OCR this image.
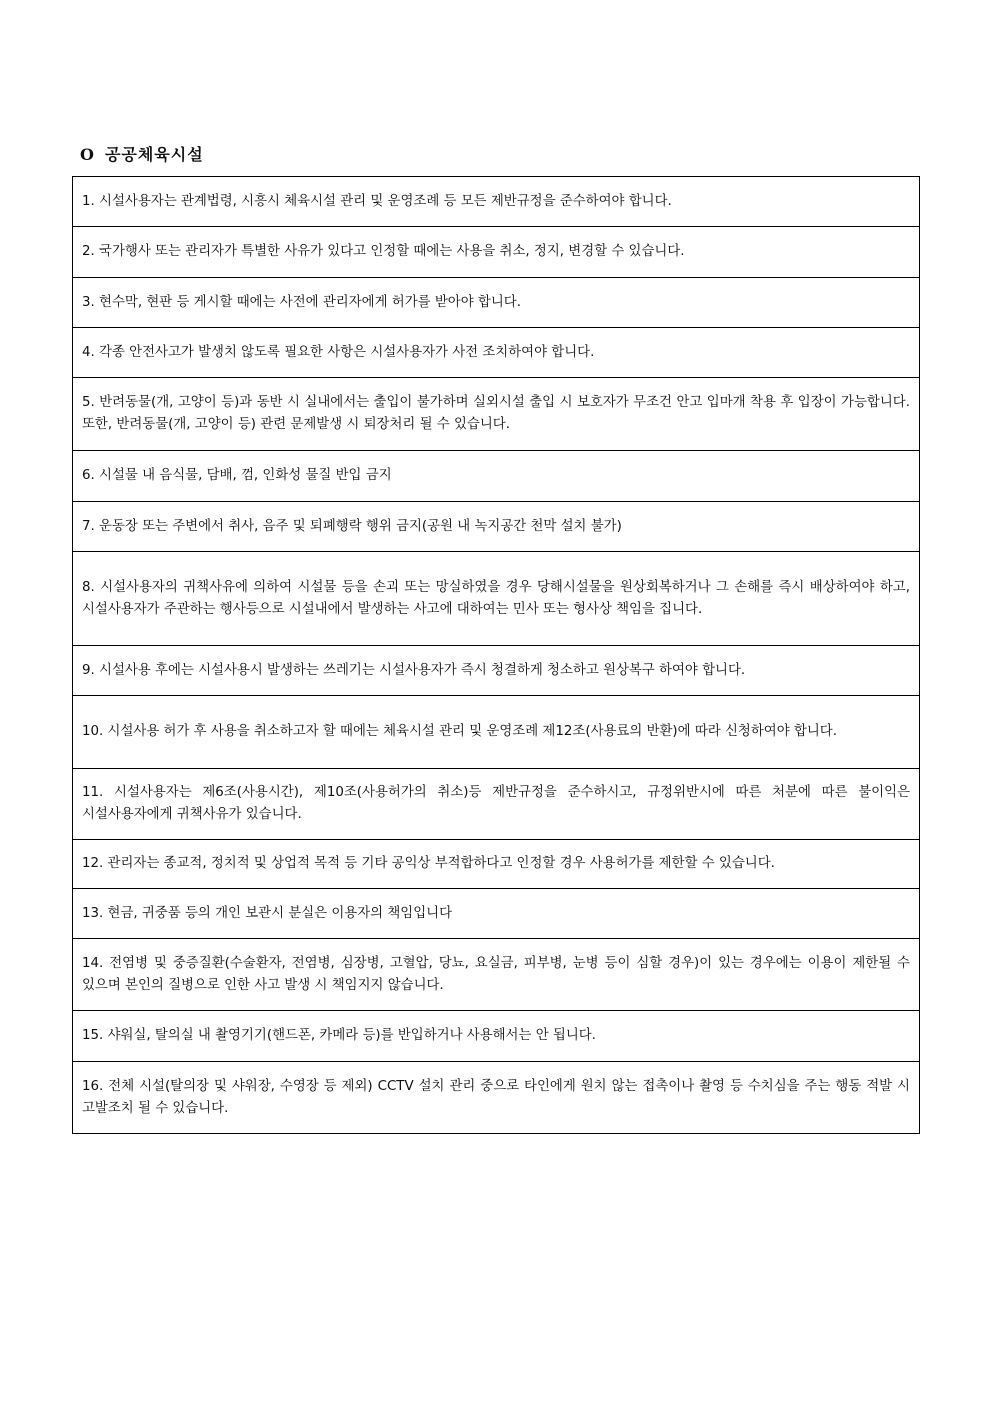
O 공공체육시설
1. 시설사용자는 관계법령, 시흥시 체육시설 관리 및 운영조례 등 모든 제반규정을 준수하여야 합니다.
2. 국가행사 또는 관리자가 특별한 사유가 있다고 인정할 때에는 사용을 취소, 정지, 변경할 수 있습니다.
3. 현수막, 현판 등 게시할 때에는 사전에 관리자에게 허가를 받아야 합니다.
4. 각종 안전사고가 발생치 않도록 필요한 사항은 시설사용자가 사전 조치하여야 합니다.
5. 반려동물(개, 고양이 등)과 동반 시 실내에서는 출입이 불가하며 실외시설 출입 시 보호자가 무조건 안고 입마개 착용 후 입장이 가능합니다. 또한, 반려동물(개, 고양이 등) 관련 문제발생 시 퇴장처리 될 수 있습니다.
6. 시설물 내 음식물, 담배, 껌, 인화성 물질 반입 금지
7. 운동장 또는 주변에서 취사, 음주 및 퇴폐행락 행위 금지(공원 내 녹지공간 천막 설치 불가)
8. 시설사용자의 귀책사유에 의하여 시설물 등을 손괴 또는 망실하였을 경우 당해시설물을 원상회복하거나 그 손해를 즉시 배상하여야 하고, 시설사용자가 주관하는 행사등으로 시설내에서 발생하는 사고에 대하여는 민사 또는 형사상 책임을 집니다.
9. 시설사용 후에는 시설사용시 발생하는 쓰레기는 시설사용자가 즉시 청결하게 청소하고 원상복구 하여야 합니다.
10. 시설사용 허가 후 사용을 취소하고자 할 때에는 체육시설 관리 및 운영조례 제12조(사용료의 반환)에 따라 신청하여야 합니다.
11. 시설사용자는 제6조(사용시간), 제10조(사용허가의 취소)등 제반규정을 준수하시고, 규정위반시에 따른 처분에 따른 불이익은 시설사용자에게 귀책사유가 있습니다.
12. 관리자는 종교적, 정치적 및 상업적 목적 등 기타 공익상 부적합하다고 인정할 경우 사용허가를 제한할 수 있습니다.
13. 현금, 귀중품 등의 개인 보관시 분실은 이용자의 책임입니다
14. 전염병 및 중증질환(수술환자, 전염병, 심장병, 고혈압, 당뇨, 요실금, 피부병, 눈병 등이 심할 경우)이 있는 경우에는 이용이 제한될 수 있으며 본인의 질병으로 인한 사고 발생 시 책임지지 않습니다.
15. 샤워실, 탈의실 내 촬영기기(핸드폰, 카메라 등)를 반입하거나 사용해서는 안 됩니다.
16. 전체 시설(탈의장 및 샤워장, 수영장 등 제외) CCTV 설치 관리 중으로 타인에게 원치 않는 접촉이나 촬영 등 수치심을 주는 행동 적발 시 고발조치 될 수 있습니다.
